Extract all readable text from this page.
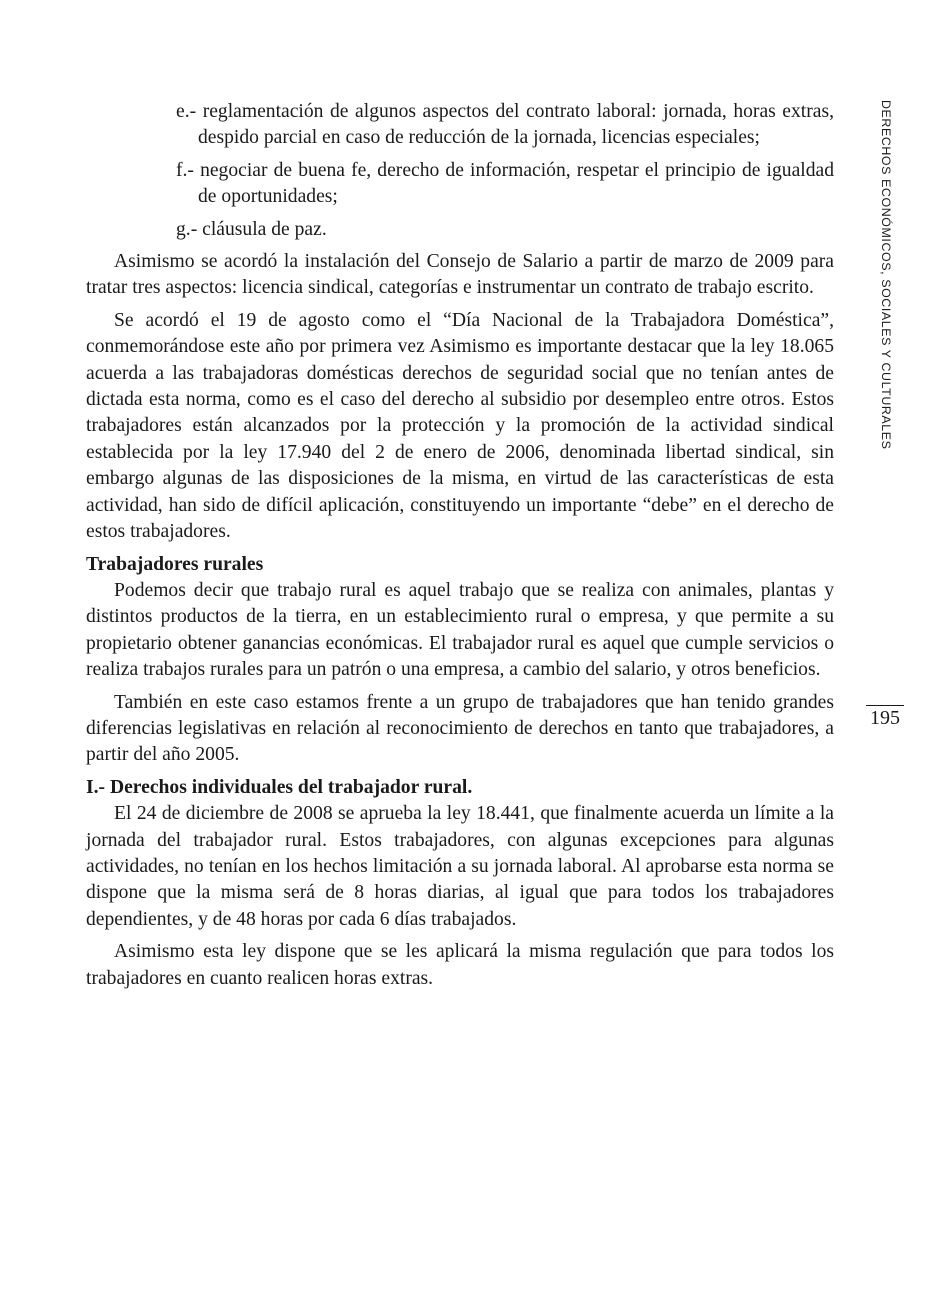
e.- reglamentación de algunos aspectos del contrato laboral: jornada, horas extras, despido parcial en caso de reducción de la jornada, licencias especiales;
f.- negociar de buena fe, derecho de información, respetar el principio de igualdad de oportunidades;
g.- cláusula de paz.

Asimismo se acordó la instalación del Consejo de Salario a partir de marzo de 2009 para tratar tres aspectos: licencia sindical, categorías e instrumentar un contrato de trabajo escrito.

Se acordó el 19 de agosto como el “Día Nacional de la Trabajadora Doméstica”, conmemorándose este año por primera vez Asimismo es importante destacar que la ley 18.065 acuerda a las trabajadoras domésticas derechos de seguridad social que no tenían antes de dictada esta norma, como es el caso del derecho al subsidio por desempleo entre otros. Estos trabajadores están alcanzados por la protección y la promoción de la actividad sindical establecida por la ley 17.940 del 2 de enero de 2006, denominada libertad sindical, sin embargo algunas de las disposiciones de la misma, en virtud de las características de esta actividad, han sido de difícil aplicación, constituyendo un importante “debe” en el derecho de estos trabajadores.

Trabajadores rurales

Podemos decir que trabajo rural es aquel trabajo que se realiza con animales, plantas y distintos productos de la tierra, en un establecimiento rural o empresa, y que permite a su propietario obtener ganancias económicas. El trabajador rural es aquel que cumple servicios o realiza trabajos rurales para un patrón o una empresa, a cambio del salario, y otros beneficios.

También en este caso estamos frente a un grupo de trabajadores que han tenido grandes diferencias legislativas en relación al reconocimiento de derechos en tanto que trabajadores, a partir del año 2005.

I.- Derechos individuales del trabajador rural.

El 24 de diciembre de 2008 se aprueba la ley 18.441, que finalmente acuerda un límite a la jornada del trabajador rural. Estos trabajadores, con algunas excepciones para algunas actividades, no tenían en los hechos limitación a su jornada laboral. Al aprobarse esta norma se dispone que la misma será de 8 horas diarias, al igual que para todos los trabajadores dependientes, y de 48 horas por cada 6 días trabajados.

Asimismo esta ley dispone que se les aplicará la misma regulación que para todos los trabajadores en cuanto realicen horas extras.

DERECHOS ECONÓMICOS, SOCIALES Y CULTURALES
195
